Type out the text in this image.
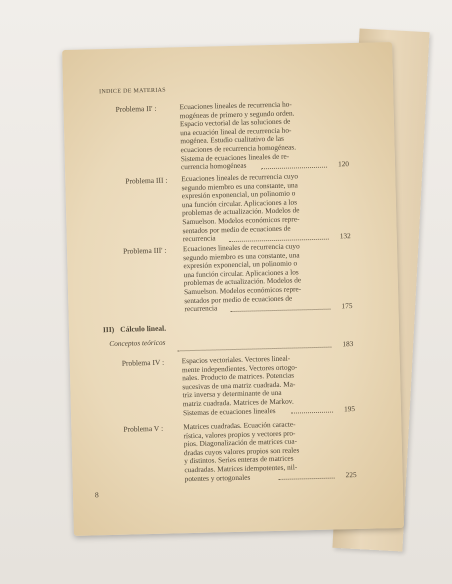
INDICE DE MATERIAS
Problema II' :	Ecuaciones lineales de recurrencia ho-
mogéneas de primero y segundo orden.
Espacio vectorial de las soluciones de
una ecuación lineal de recurrencia ho-
mogénea. Estudio cualitativo de las
ecuaciones de recurrencia homogéneas.
Sistema de ecuaciones lineales de re-
currencia homogéneas	120
Problema III : Ecuaciones lineales de recurrencia cuyo
segundo miembro es una constante, una
expresión exponencial, un polinomio o
una función circular. Aplicaciones a los
problemas de actualización. Modelos de
Samuelson. Modelos económicos repre-
sentados por medio de ecuaciones de
recurrencia	132
Problema III' : Ecuaciones lineales de recurrencia cuyo
segundo miembro es una constante, una
expresión exponencial, un polinomio o
una función circular. Aplicaciones a los
problemas de actualización. Modelos de
Samuelson. Modelos económicos repre-
sentados por medio de ecuaciones de
recurrencia	175
III) Cálculo lineal.
Conceptos teóricos	183
Problema IV : Espacios vectoriales. Vectores lineal-
mente independientes. Vectores ortogo-
nales. Producto de matrices. Potencias
sucesivas de una matriz cuadrada. Ma-
triz inversa y determinante de una
matriz cuadrada. Matrices de Markov.
Sistemas de ecuaciones lineales	195
Problema V :	Matrices cuadradas. Ecuación caracte-
rística, valores propios y vectores pro-
pios. Diagonalización de matrices cua-
dradas cuyos valores propios son reales
y distintos. Series enteras de matrices
cuadradas. Matrices idempotentes, nil-
potentes y ortogonales	225
8
